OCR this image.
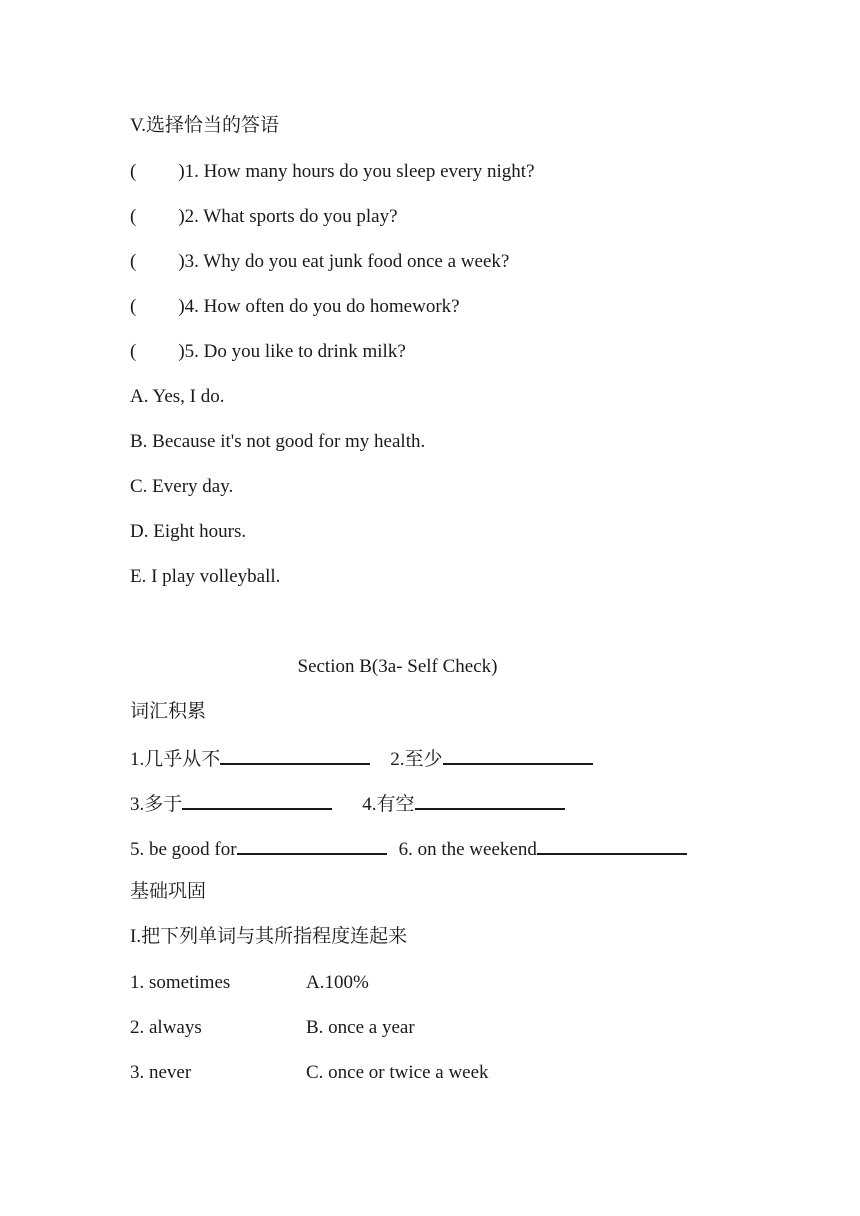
V.选择恰当的答语
( )1. How many hours do you sleep every night?
( )2. What sports do you play?
( )3. Why do you eat junk food once a week?
( )4. How often do you do homework?
( )5. Do you like to drink milk?
A. Yes, I do.
B. Because it's not good for my health.
C. Every day.
D. Eight hours.
E. I play volleyball.
Section B(3a- Self Check)
词汇积累
1.几乎从不	2.至少
3.多于	4.有空
5. be good for	6. on the weekend
基础巩固
I.把下列单词与其所指程度连起来
1. sometimes	A.100%
2. always	B. once a year
3. never	C. once or twice a week
